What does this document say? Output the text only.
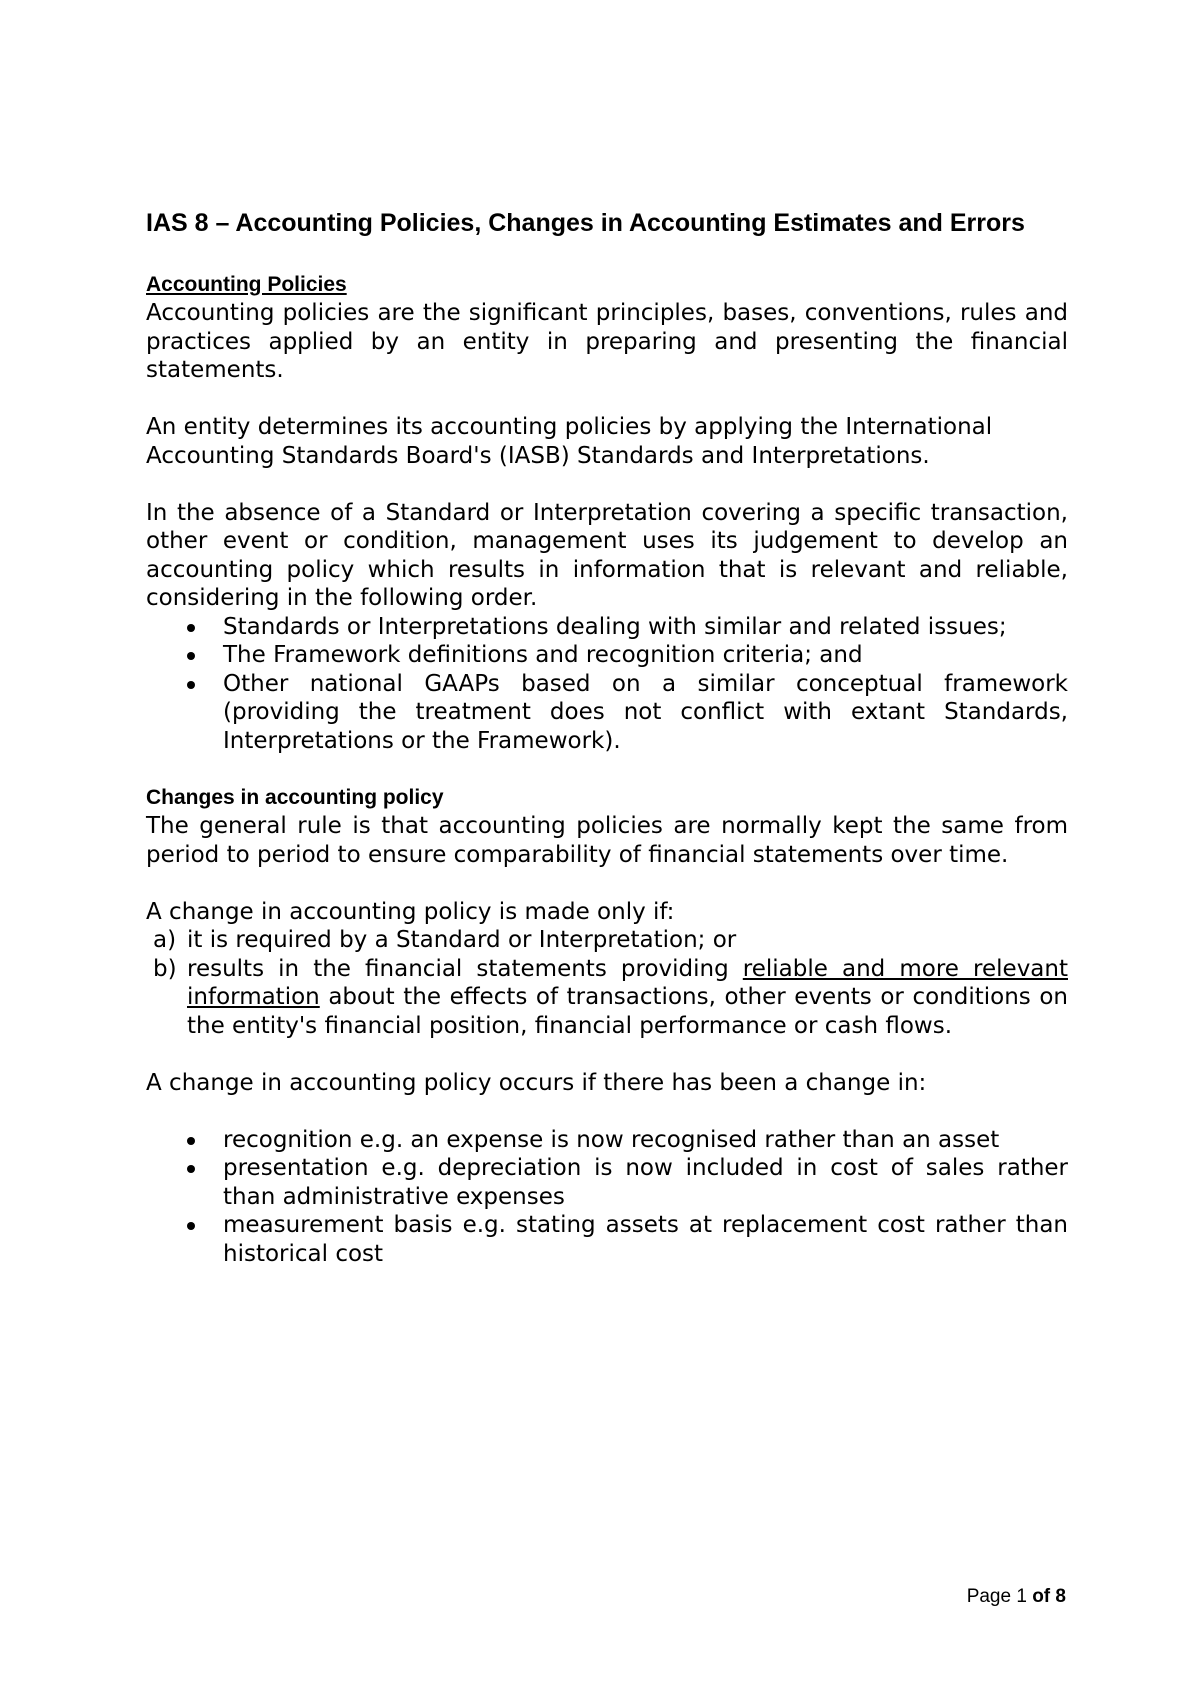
IAS 8 – Accounting Policies, Changes in Accounting Estimates and Errors

Accounting Policies

Accounting policies are the significant principles, bases, conventions, rules and practices applied by an entity in preparing and presenting the financial statements.

An entity determines its accounting policies by applying the International Accounting Standards Board's (IASB) Standards and Interpretations.

In the absence of a Standard or Interpretation covering a specific transaction, other event or condition, management uses its judgement to develop an accounting policy which results in information that is relevant and reliable, considering in the following order.

Standards or Interpretations dealing with similar and related issues;
The Framework definitions and recognition criteria; and
Other national GAAPs based on a similar conceptual framework (providing the treatment does not conflict with extant Standards, Interpretations or the Framework).

Changes in accounting policy

The general rule is that accounting policies are normally kept the same from period to period to ensure comparability of financial statements over time.

A change in accounting policy is made only if:

a) it is required by a Standard or Interpretation; or
b) results in the financial statements providing reliable and more relevant information about the effects of transactions, other events or conditions on the entity's financial position, financial performance or cash flows.

A change in accounting policy occurs if there has been a change in:

recognition e.g. an expense is now recognised rather than an asset
presentation e.g. depreciation is now included in cost of sales rather than administrative expenses
measurement basis e.g. stating assets at replacement cost rather than historical cost
Page 1 of 8
